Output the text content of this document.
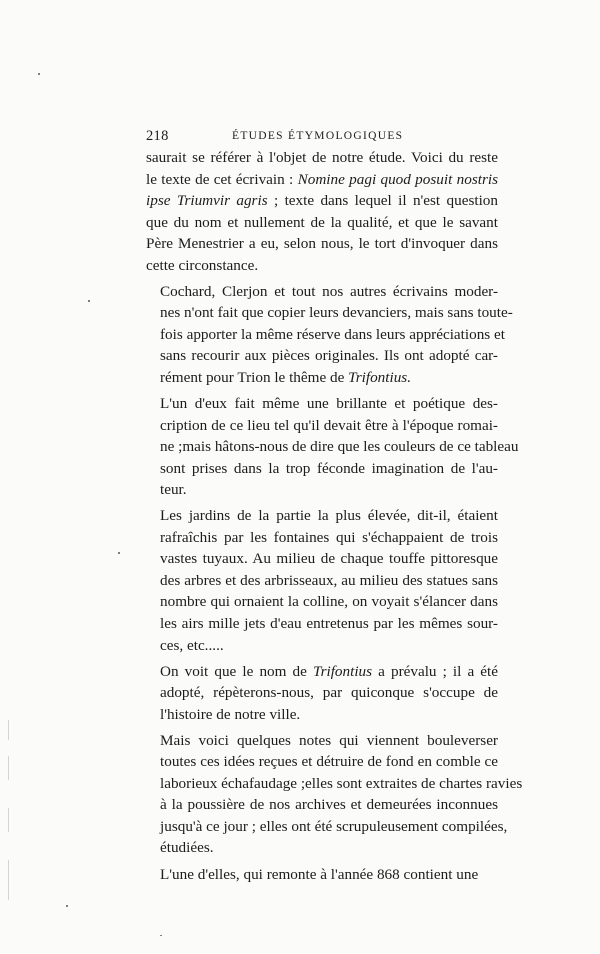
218	ÉTUDES ÉTYMOLOGIQUES

saurait se référer à l'objet de notre étude. Voici du reste
le texte de cet écrivain : Nomine pagi quod posuit nostris
ipse Triumvir agris ; texte dans lequel il n'est question
que du nom et nullement de la qualité, et que le savant
Père Menestrier a eu, selon nous, le tort d'invoquer dans
cette circonstance.

Cochard, Clerjon et tout nos autres écrivains moder-
nes n'ont fait que copier leurs devanciers, mais sans toute-
fois apporter la même réserve dans leurs appréciations et
sans recourir aux pièces originales. Ils ont adopté car-
rément pour Trion le thême de Trifontius.

L'un d'eux fait même une brillante et poétique des-
cription de ce lieu tel qu'il devait être à l'époque romai-
ne ;mais hâtons-nous de dire que les couleurs de ce tableau
sont prises dans la trop féconde imagination de l'au-
teur.

Les jardins de la partie la plus élevée, dit-il, étaient
rafraîchis par les fontaines qui s'échappaient de trois
vastes tuyaux. Au milieu de chaque touffe pittoresque
des arbres et des arbrisseaux, au milieu des statues sans
nombre qui ornaient la colline, on voyait s'élancer dans
les airs mille jets d'eau entretenus par les mêmes sour-
ces, etc.....

On voit que le nom de Trifontius a prévalu ; il a été
adopté, répèterons-nous, par quiconque s'occupe de
l'histoire de notre ville.

Mais voici quelques notes qui viennent bouleverser
toutes ces idées reçues et détruire de fond en comble ce
laborieux échafaudage ;elles sont extraites de chartes ravies
à la poussière de nos archives et demeurées inconnues
jusqu'à ce jour ; elles ont été scrupuleusement compilées,
étudiées.

L'une d'elles, qui remonte à l'année 868 contient une
